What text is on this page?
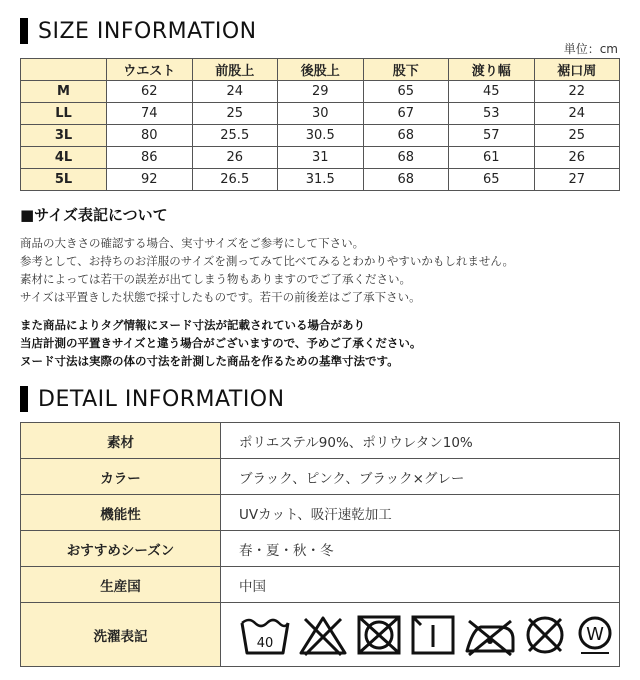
SIZE INFORMATION
単位：cm
	ウエスト	前股上	後股上	股下	渡り幅	裾口周
M	62	24	29	65	45	22
LL	74	25	30	67	53	24
3L	80	25.5	30.5	68	57	25
4L	86	26	31	68	61	26
5L	92	26.5	31.5	68	65	27
■サイズ表記について
商品の大きさの確認する場合、実寸サイズをご参考にして下さい。
参考として、お持ちのお洋服のサイズを測ってみて比べてみるとわかりやすいかもしれません。
素材によっては若干の誤差が出てしまう物もありますのでご了承ください。
サイズは平置きした状態で採寸したものです。若干の前後差はご了承下さい。
また商品によりタグ情報にヌード寸法が記載されている場合があり
当店計測の平置きサイズと違う場合がございますので、予めご了承ください。
ヌード寸法は実際の体の寸法を計測した商品を作るための基準寸法です。
DETAIL INFORMATION
素材	ポリエステル90%、ポリウレタン10%
カラー	ブラック、ピンク、ブラック×グレー
機能性	UVカット、吸汗速乾加工
おすすめシーズン	春・夏・秋・冬
生産国	中国
洗濯表記	40 W
